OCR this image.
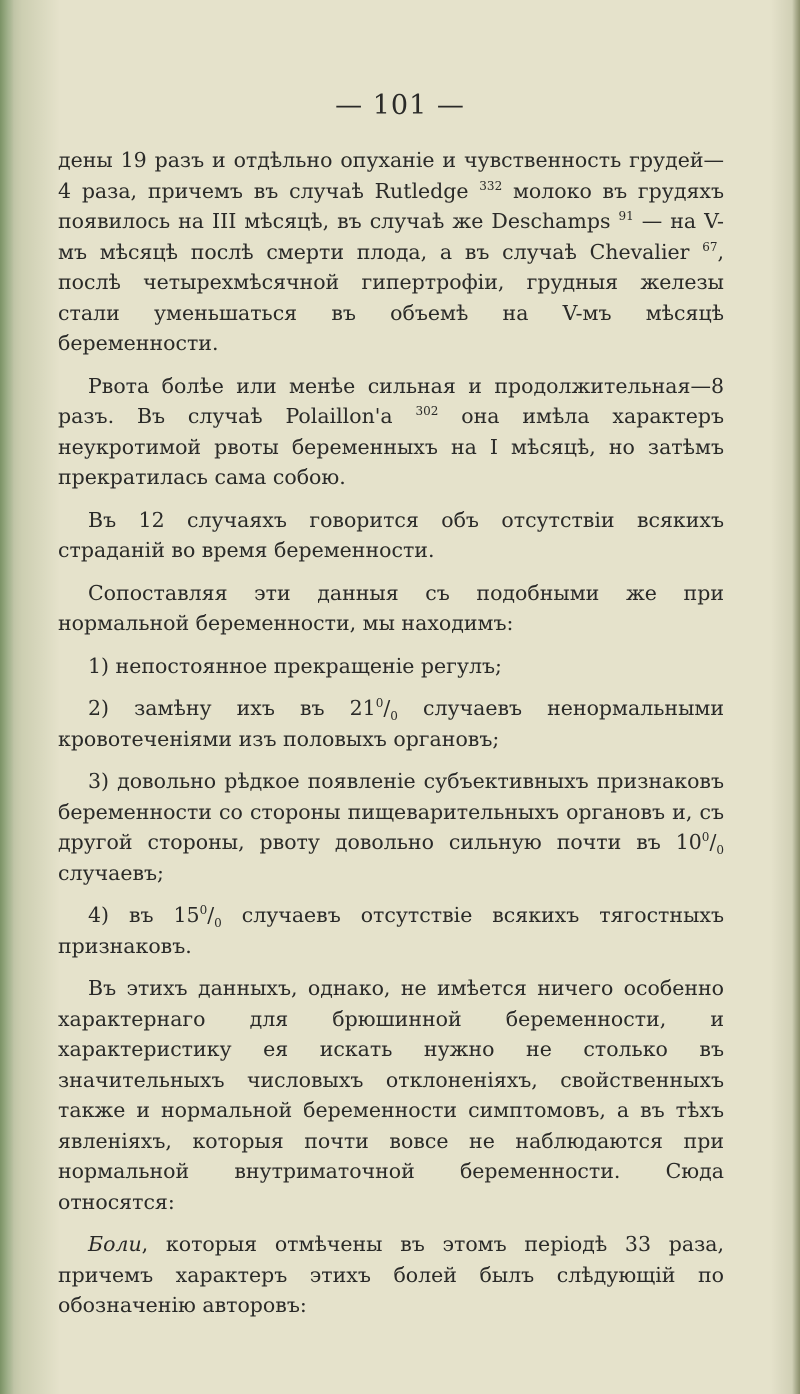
— 101 —

дены 19 разъ и отдѣльно опуханіе и чувственность грудей— 4 раза, причемъ въ случаѣ Rutledge $^{332}$ молоко въ грудяхъ появилось на III мѣсяцѣ, въ случаѣ же Deschamps $^{91}$ — на V-мъ мѣсяцѣ послѣ смерти плода, а въ случаѣ Chevalier $^{67}$, послѣ четырехмѣсячной гипертрофіи, грудныя железы стали уменьшаться въ объемѣ на V-мъ мѣсяцѣ беременности.

Рвота болѣе или менѣе сильная и продолжительная—8 разъ. Въ случаѣ Polaillon'а $^{302}$ она имѣла характеръ неукротимой рвоты беременныхъ на I мѣсяцѣ, но затѣмъ прекратилась сама собою.

Въ 12 случаяхъ говорится объ отсутствіи всякихъ страданій во время беременности.

Сопоставляя эти данныя съ подобными же при нормальной беременности, мы находимъ:

1) непостоянное прекращеніе регулъ;

2) замѣну ихъ въ $21^0/_0$ случаевъ ненормальными кровотеченіями изъ половыхъ органовъ;

3) довольно рѣдкое появленіе субъективныхъ признаковъ беременности со стороны пищеварительныхъ органовъ и, съ другой стороны, рвоту довольно сильную почти въ $10^0/_0$ случаевъ;

4) въ $15^0/_0$ случаевъ отсутствіе всякихъ тягостныхъ признаковъ.

Въ этихъ данныхъ, однако, не имѣется ничего особенно характернаго для брюшинной беременности, и характеристику ея искать нужно не столько въ значительныхъ числовыхъ отклоненіяхъ, свойственныхъ также и нормальной беременности симптомовъ, а въ тѣхъ явленіяхъ, которыя почти вовсе не наблюдаются при нормальной внутриматочной беременности. Сюда относятся:

Боли, которыя отмѣчены въ этомъ періодѣ 33 раза, причемъ характеръ этихъ болей былъ слѣдующій по обозначенію авторовъ:
